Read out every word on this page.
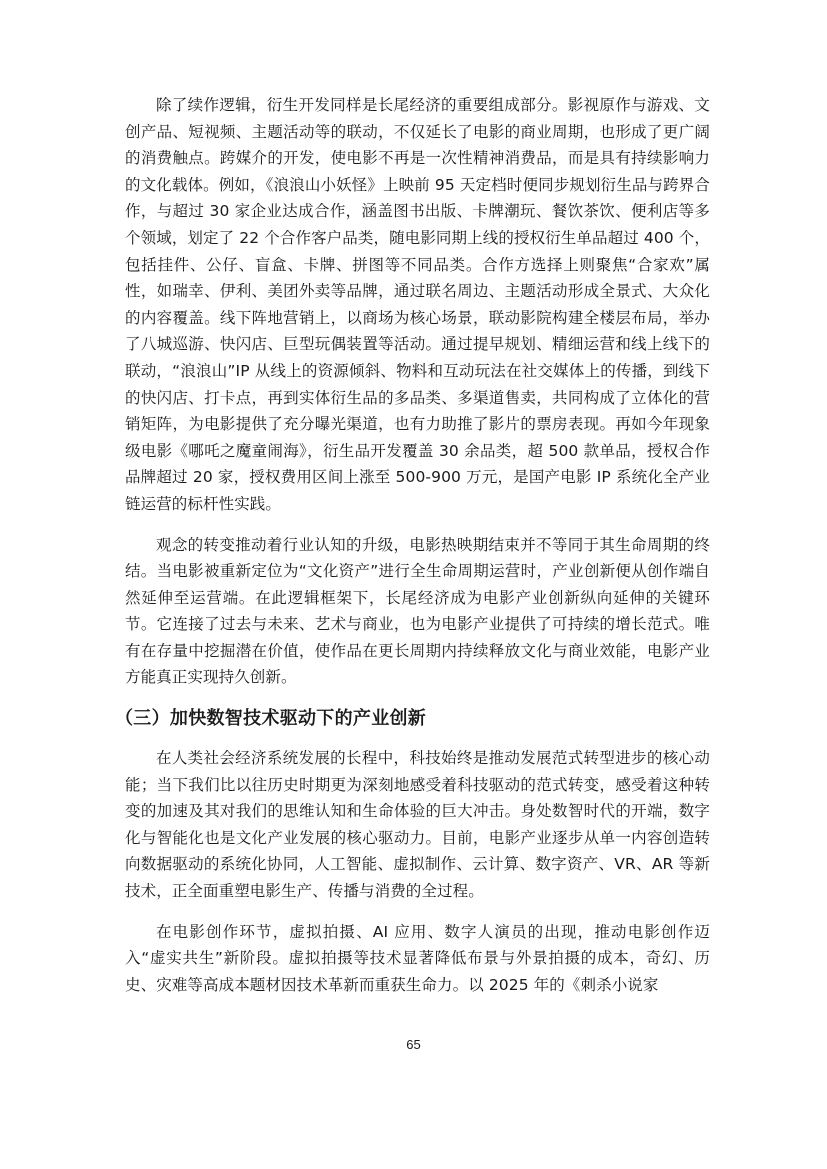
除了续作逻辑，衍生开发同样是长尾经济的重要组成部分。影视原作与游戏、文创产品、短视频、主题活动等的联动，不仅延长了电影的商业周期，也形成了更广阔的消费触点。跨媒介的开发，使电影不再是一次性精神消费品，而是具有持续影响力的文化载体。例如，《浪浪山小妖怪》上映前 95 天定档时便同步规划衍生品与跨界合作，与超过 30 家企业达成合作，涵盖图书出版、卡牌潮玩、餐饮茶饮、便利店等多个领域，划定了 22 个合作客户品类，随电影同期上线的授权衍生单品超过 400 个，包括挂件、公仔、盲盒、卡牌、拼图等不同品类。合作方选择上则聚焦“合家欢”属性，如瑞幸、伊利、美团外卖等品牌，通过联名周边、主题活动形成全景式、大众化的内容覆盖。线下阵地营销上，以商场为核心场景，联动影院构建全楼层布局，举办了八城巡游、快闪店、巨型玩偶装置等活动。通过提早规划、精细运营和线上线下的联动，“浪浪山”IP 从线上的资源倾斜、物料和互动玩法在社交媒体上的传播，到线下的快闪店、打卡点，再到实体衍生品的多品类、多渠道售卖，共同构成了立体化的营销矩阵，为电影提供了充分曝光渠道，也有力助推了影片的票房表现。再如今年现象级电影《哪吒之魔童闹海》，衍生品开发覆盖 30 余品类，超 500 款单品，授权合作品牌超过 20 家，授权费用区间上涨至 500-900 万元，是国产电影 IP 系统化全产业链运营的标杆性实践。

观念的转变推动着行业认知的升级，电影热映期结束并不等同于其生命周期的终结。当电影被重新定位为“文化资产”进行全生命周期运营时，产业创新便从创作端自然延伸至运营端。在此逻辑框架下，长尾经济成为电影产业创新纵向延伸的关键环节。它连接了过去与未来、艺术与商业，也为电影产业提供了可持续的增长范式。唯有在存量中挖掘潜在价值，使作品在更长周期内持续释放文化与商业效能，电影产业方能真正实现持久创新。

（三）加快数智技术驱动下的产业创新

在人类社会经济系统发展的长程中，科技始终是推动发展范式转型进步的核心动能；当下我们比以往历史时期更为深刻地感受着科技驱动的范式转变，感受着这种转变的加速及其对我们的思维认知和生命体验的巨大冲击。身处数智时代的开端，数字化与智能化也是文化产业发展的核心驱动力。目前，电影产业逐步从单一内容创造转向数据驱动的系统化协同，人工智能、虚拟制作、云计算、数字资产、VR、AR 等新技术，正全面重塑电影生产、传播与消费的全过程。

在电影创作环节，虚拟拍摄、AI 应用、数字人演员的出现，推动电影创作迈入“虚实共生”新阶段。虚拟拍摄等技术显著降低布景与外景拍摄的成本，奇幻、历史、灾难等高成本题材因技术革新而重获生命力。以 2025 年的《刺杀小说家

65
